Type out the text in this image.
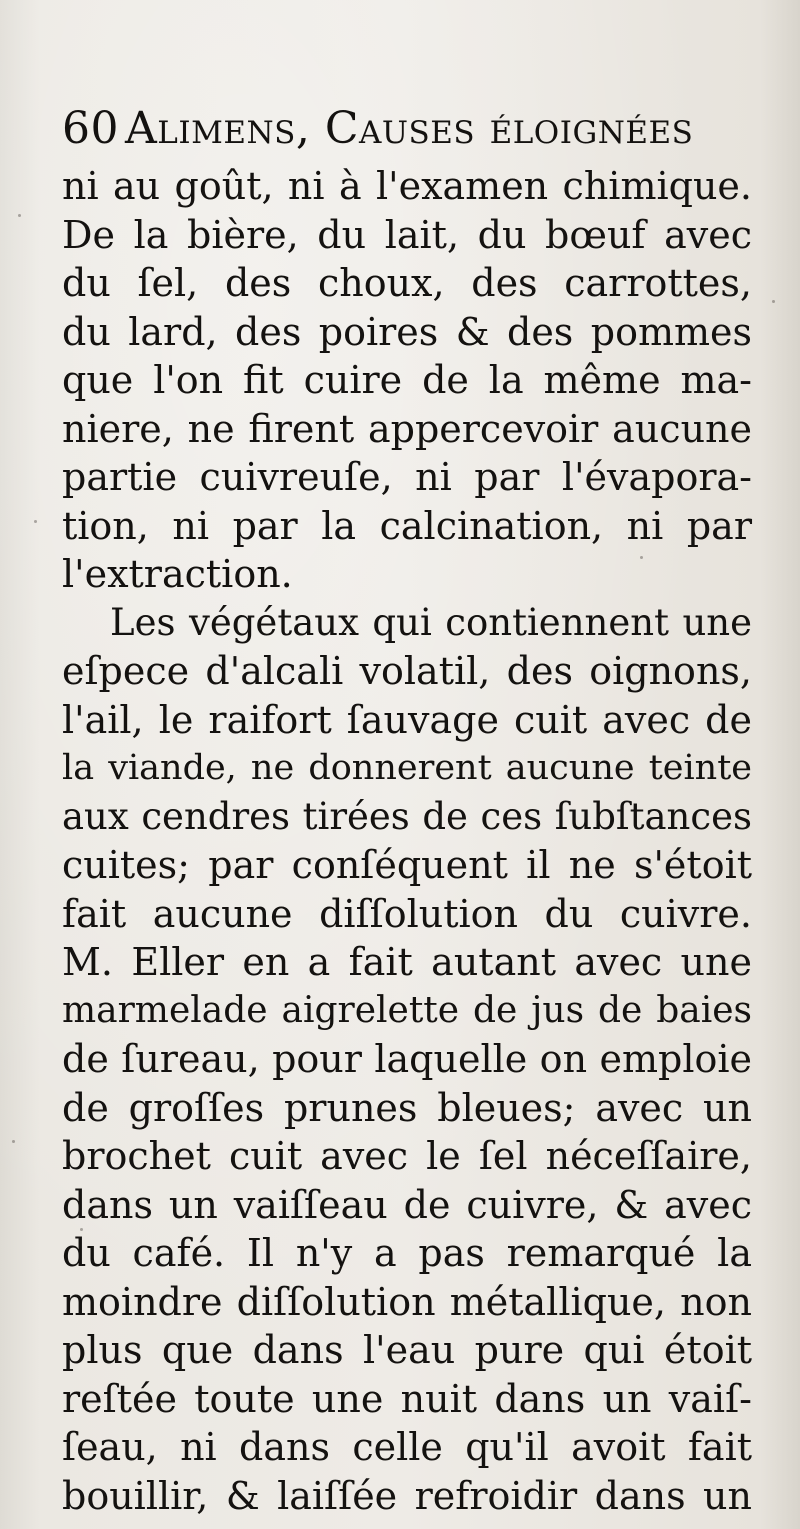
60 Alimens, Causes éloignées
ni au goût, ni à l'examen chimique.
De la bière, du lait, du bœuf avec
du ſel, des choux, des carrottes,
du lard, des poires & des pommes
que l'on fit cuire de la même ma-
niere, ne firent appercevoir aucune
partie cuivreuſe, ni par l'évapora-
tion, ni par la calcination, ni par
l'extraction.
Les végétaux qui contiennent une
eſpece d'alcali volatil, des oignons,
l'ail, le raifort ſauvage cuit avec de
la viande, ne donnerent aucune teinte
aux cendres tirées de ces ſubſtances
cuites; par conſéquent il ne s'étoit
fait aucune diſſolution du cuivre.
M. Eller en a fait autant avec une
marmelade aigrelette de jus de baies
de ſureau, pour laquelle on emploie
de groſſes prunes bleues; avec un
brochet cuit avec le ſel néceſſaire,
dans un vaiſſeau de cuivre, & avec
du café. Il n'y a pas remarqué la
moindre diſſolution métallique, non
plus que dans l'eau pure qui étoit
reſtée toute une nuit dans un vaiſ-
ſeau, ni dans celle qu'il avoit fait
bouillir, & laiſſée refroidir dans un
